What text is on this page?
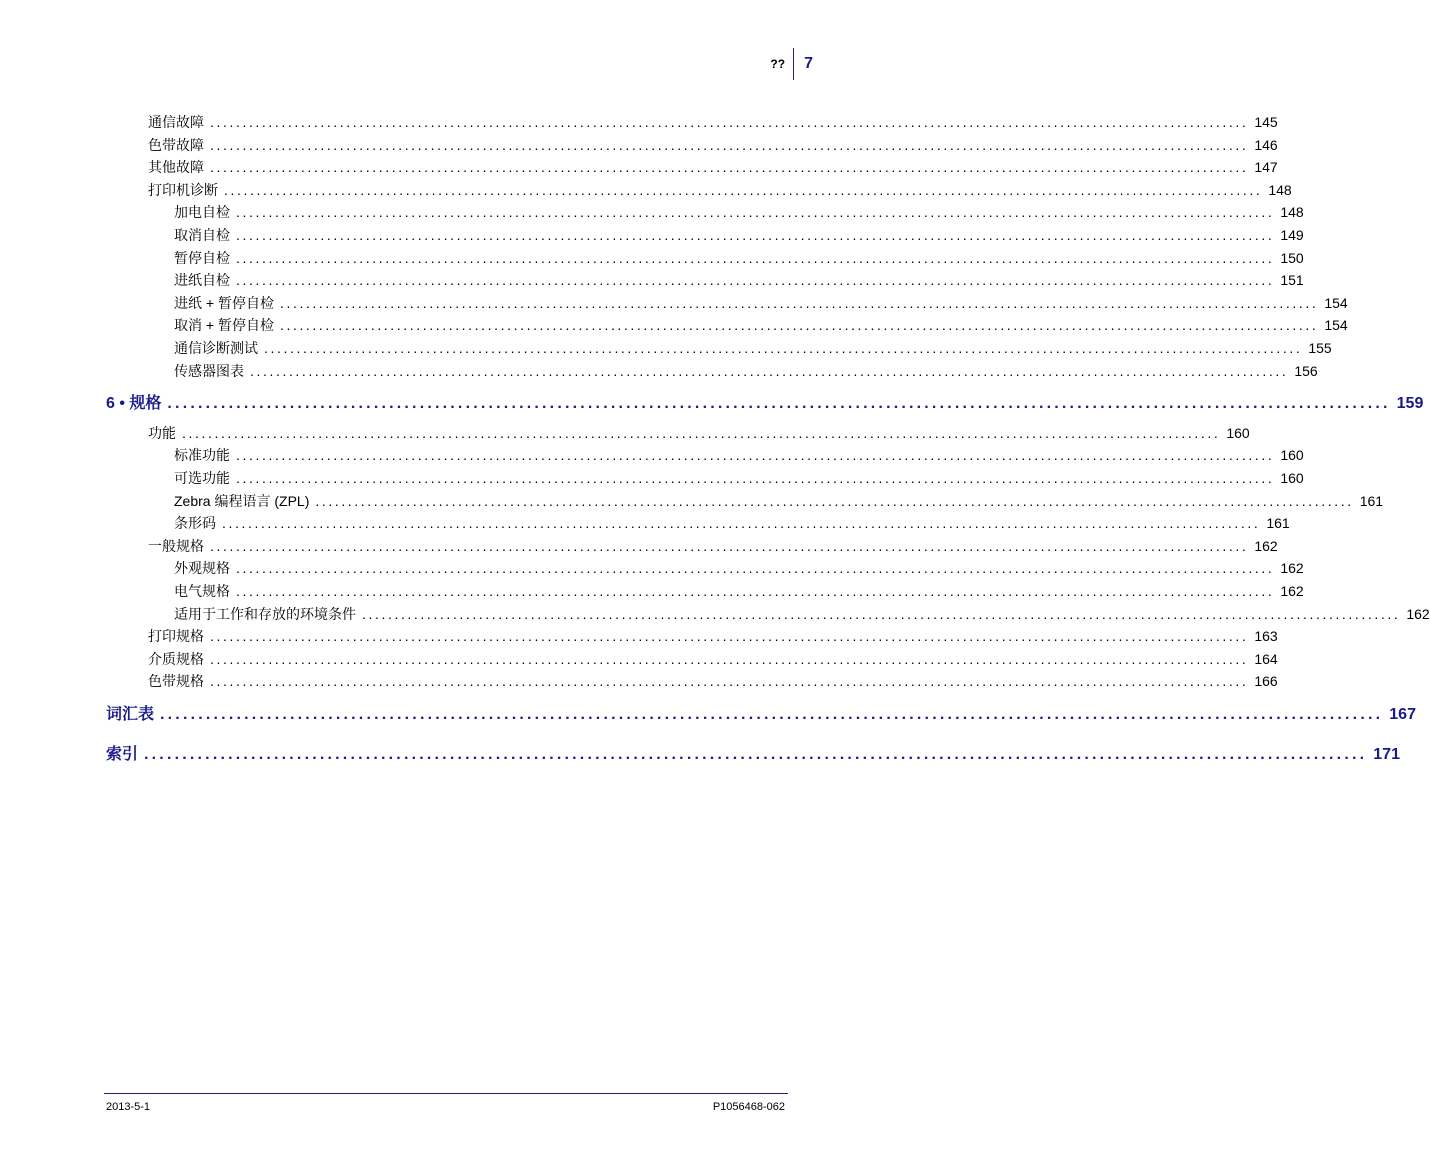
?? 7
通信故障 ................................................................................................................................................................ 145
色带故障 ................................................................................................................................................................ 146
其他故障 ................................................................................................................................................................ 147
打印机诊断 ................................................................................................................................................................ 148
加电自检 ................................................................................................................................................................ 148
取消自检 ................................................................................................................................................................ 149
暂停自检 ................................................................................................................................................................ 150
进纸自检 ................................................................................................................................................................ 151
进纸 + 暂停自检 ................................................................................................................................................................ 154
取消 + 暂停自检 ................................................................................................................................................................ 154
通信诊断测试 ................................................................................................................................................................ 155
传感器图表 ................................................................................................................................................................ 156
6 • 规格 ................................................................................................................................................................ 159
功能 ................................................................................................................................................................ 160
标准功能 ................................................................................................................................................................ 160
可选功能 ................................................................................................................................................................ 160
Zebra 编程语言 (ZPL) ................................................................................................................................................................ 161
条形码 ................................................................................................................................................................ 161
一般规格 ................................................................................................................................................................ 162
外观规格 ................................................................................................................................................................ 162
电气规格 ................................................................................................................................................................ 162
适用于工作和存放的环境条件 ................................................................................................................................................................ 162
打印规格 ................................................................................................................................................................ 163
介质规格 ................................................................................................................................................................ 164
色带规格 ................................................................................................................................................................ 166
词汇表 ................................................................................................................................................................ 167
索引 ................................................................................................................................................................ 171
2013-5-1	P1056468-062
